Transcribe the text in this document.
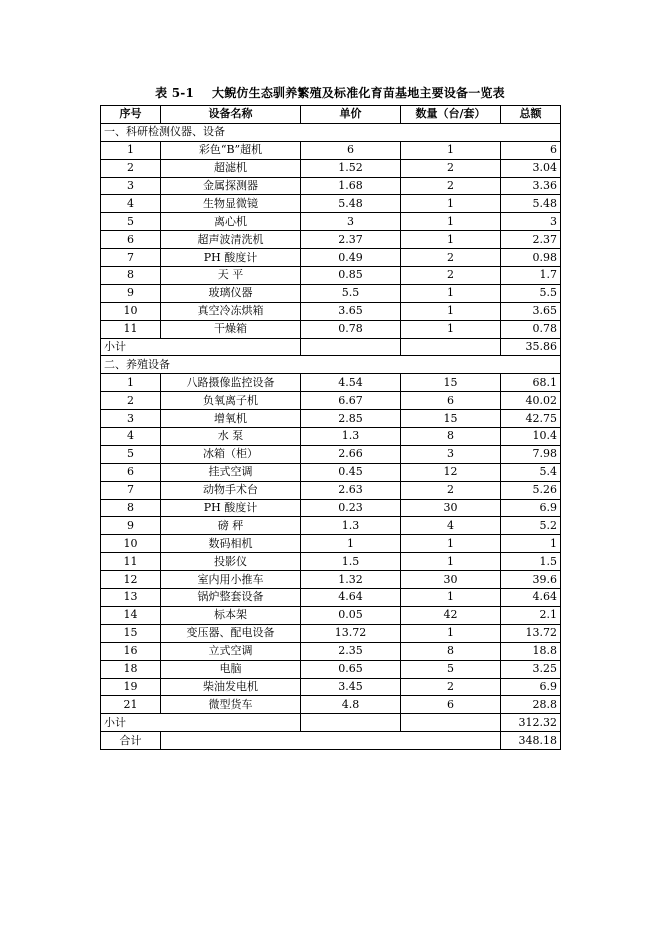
表 5-1 大鲵仿生态驯养繁殖及标准化育苗基地主要设备一览表
序号	设备名称	单价	数量（台/套）	总额
一、科研检测仪器、设备				
1	彩色“B”超机	6	1	6
2	超滤机	1.52	2	3.04
3	金属探测器	1.68	2	3.36
4	生物显微镜	5.48	1	5.48
5	离心机	3	1	3
6	超声波清洗机	2.37	1	2.37
7	PH 酸度计	0.49	2	0.98
8	天 平	0.85	2	1.7
9	玻璃仪器	5.5	1	5.5
10	真空冷冻烘箱	3.65	1	3.65
11	干燥箱	0.78	1	0.78
小计				35.86
二、养殖设备				
1	八路摄像监控设备	4.54	15	68.1
2	负氧离子机	6.67	6	40.02
3	增氧机	2.85	15	42.75
4	水 泵	1.3	8	10.4
5	冰箱（柜）	2.66	3	7.98
6	挂式空调	0.45	12	5.4
7	动物手术台	2.63	2	5.26
8	PH 酸度计	0.23	30	6.9
9	磅 秤	1.3	4	5.2
10	数码相机	1	1	1
11	投影仪	1.5	1	1.5
12	室内用小推车	1.32	30	39.6
13	锅炉整套设备	4.64	1	4.64
14	标本架	0.05	42	2.1
15	变压器、配电设备	13.72	1	13.72
16	立式空调	2.35	8	18.8
18	电脑	0.65	5	3.25
19	柴油发电机	3.45	2	6.9
21	微型货车	4.8	6	28.8
小计				312.32
合计				348.18
